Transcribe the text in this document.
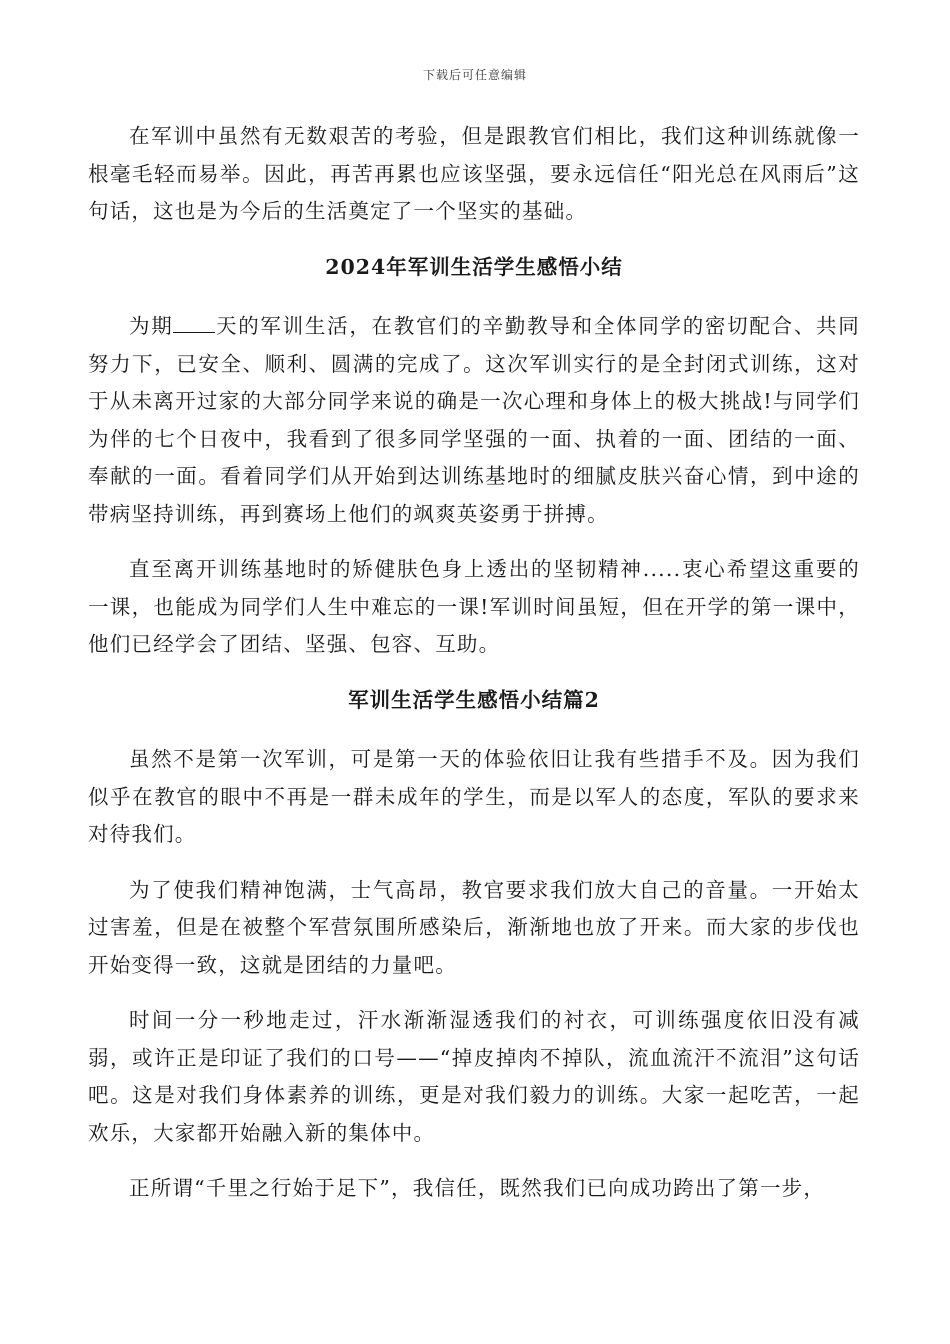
下载后可任意编辑

在军训中虽然有无数艰苦的考验，但是跟教官们相比，我们这种训练就像一根毫毛轻而易举。因此，再苦再累也应该坚强，要永远信任“阳光总在风雨后”这句话，这也是为今后的生活奠定了一个坚实的基础。

2024年军训生活学生感悟小结

为期 天的军训生活，在教官们的辛勤教导和全体同学的密切配合、共同努力下，已安全、顺利、圆满的完成了。这次军训实行的是全封闭式训练，这对于从未离开过家的大部分同学来说的确是一次心理和身体上的极大挑战!与同学们为伴的七个日夜中，我看到了很多同学坚强的一面、执着的一面、团结的一面、奉献的一面。看着同学们从开始到达训练基地时的细腻皮肤兴奋心情，到中途的带病坚持训练，再到赛场上他们的飒爽英姿勇于拼搏。

直至离开训练基地时的矫健肤色身上透出的坚韧精神.....衷心希望这重要的一课，也能成为同学们人生中难忘的一课!军训时间虽短，但在开学的第一课中，他们已经学会了团结、坚强、包容、互助。

军训生活学生感悟小结篇2

虽然不是第一次军训，可是第一天的体验依旧让我有些措手不及。因为我们似乎在教官的眼中不再是一群未成年的学生，而是以军人的态度，军队的要求来对待我们。

为了使我们精神饱满，士气高昂，教官要求我们放大自己的音量。一开始太过害羞，但是在被整个军营氛围所感染后，渐渐地也放了开来。而大家的步伐也开始变得一致，这就是团结的力量吧。

时间一分一秒地走过，汗水渐渐湿透我们的衬衣，可训练强度依旧没有减弱，或许正是印证了我们的口号——“掉皮掉肉不掉队，流血流汗不流泪”这句话吧。这是对我们身体素养的训练，更是对我们毅力的训练。大家一起吃苦，一起欢乐，大家都开始融入新的集体中。

正所谓“千里之行始于足下”，我信任，既然我们已向成功跨出了第一步，
